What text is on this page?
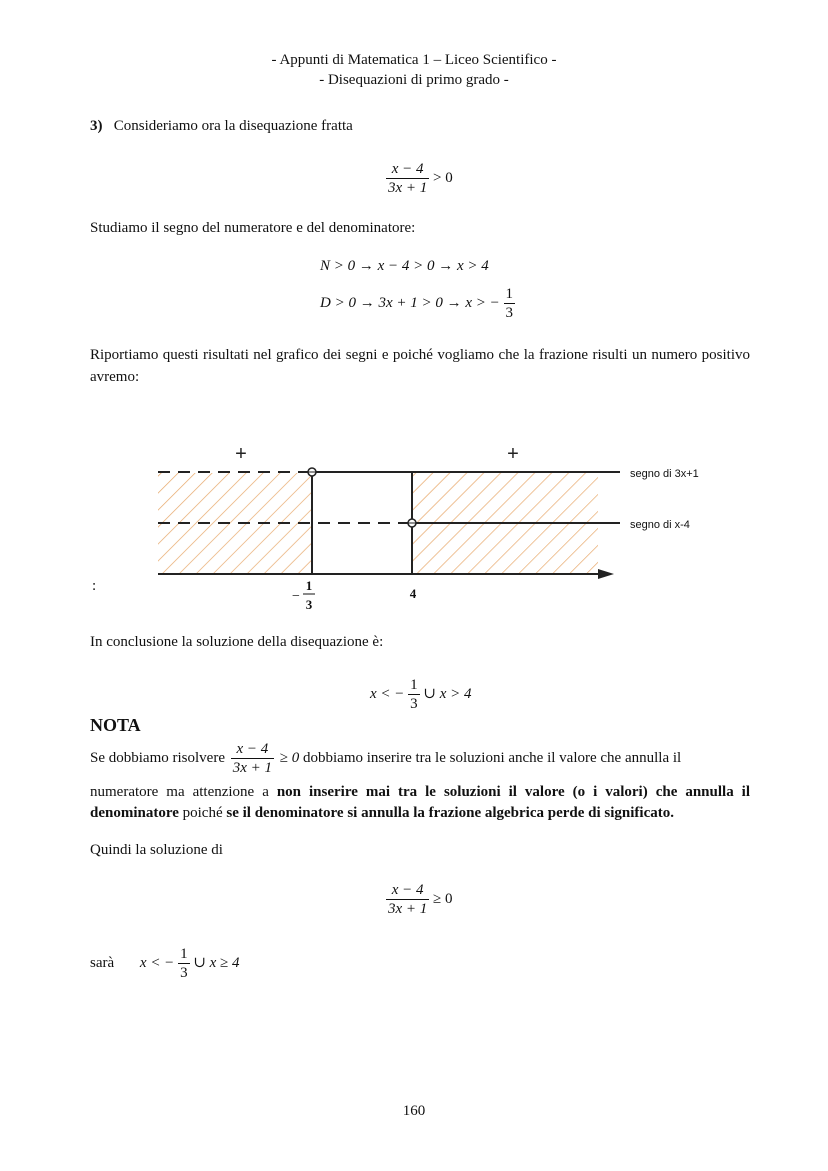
- Appunti di Matematica 1 – Liceo Scientifico -
- Disequazioni di primo grado -
3) Consideriamo ora la disequazione fratta
$\frac{x - 4}{3x + 1} > 0$
Studiamo il segno del numeratore e del denominatore:
N > 0 → x − 4 > 0 → x > 4
D > 0 → 3x + 1 > 0 → x > − $\frac{1}{3}$
Riportiamo questi risultati nel grafico dei segni e poiché vogliamo che la frazione risulti un numero positivo avremo:
+	+
segno di 3x+1
segno di x-4
−
1
3
4
:
In conclusione la soluzione della disequazione è:
x < − $\frac{1}{3}$ ∪ x > 4
NOTA
Se dobbiamo risolvere $\frac{x - 4}{3x + 1} \ge 0$ dobbiamo inserire tra le soluzioni anche il valore che annulla il
numeratore ma attenzione a non inserire mai tra le soluzioni il valore (o i valori) che annulla il denominatore poiché se il denominatore si annulla la frazione algebrica perde di significato.
Quindi la soluzione di
$\frac{x - 4}{3x + 1} \ge 0$
sarà x < − $\frac{1}{3}$ ∪ x ≥ 4
160
